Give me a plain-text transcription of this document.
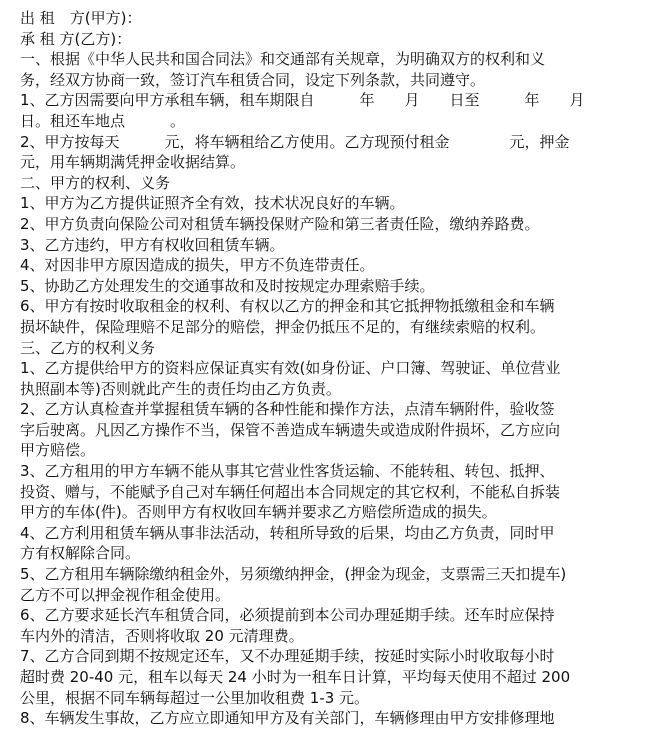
出 租　方(甲方)：
承 租 方(乙方)：
一、根据《中华人民共和国合同法》和交通部有关规章，为明确双方的权利和义
务，经双方协商一致，签订汽车租赁合同，设定下列条款，共同遵守。
1、乙方因需要向甲方承租车辆，租车期限自　　　年　　月　　日至　　　年　　月
日。租还车地点　　　。
2、甲方按每天　　　元，将车辆租给乙方使用。乙方现预付租金　　　　元，押金
元，用车辆期满凭押金收据结算。
二、甲方的权利、义务
1、甲方为乙方提供证照齐全有效，技术状况良好的车辆。
2、甲方负责向保险公司对租赁车辆投保财产险和第三者责任险，缴纳养路费。
3、乙方违约，甲方有权收回租赁车辆。
4、对因非甲方原因造成的损失，甲方不负连带责任。
5、协助乙方处理发生的交通事故和及时按规定办理索赔手续。
6、甲方有按时收取租金的权利、有权以乙方的押金和其它抵押物抵缴租金和车辆
损坏缺件，保险理赔不足部分的赔偿，押金仍抵压不足的，有继续索赔的权利。
三、乙方的权利义务
1、乙方提供给甲方的资料应保证真实有效(如身份证、户口簿、驾驶证、单位营业
执照副本等)否则就此产生的责任均由乙方负责。
2、乙方认真检查并掌握租赁车辆的各种性能和操作方法，点清车辆附件，验收签
字后驶离。凡因乙方操作不当，保管不善造成车辆遗失或造成附件损坏，乙方应向
甲方赔偿。
3、乙方租用的甲方车辆不能从事其它营业性客货运输、不能转租、转包、抵押、
投资、赠与，不能赋予自己对车辆任何超出本合同规定的其它权利，不能私自拆装
甲方的车体(件)。否则甲方有权收回车辆并要求乙方赔偿所造成的损失。
4、乙方利用租赁车辆从事非法活动，转租所导致的后果，均由乙方负责，同时甲
方有权解除合同。
5、乙方租用车辆除缴纳租金外，另须缴纳押金，(押金为现金，支票需三天扣提车)
乙方不可以押金视作租金使用。
6、乙方要求延长汽车租赁合同，必须提前到本公司办理延期手续。还车时应保持
车内外的清洁，否则将收取 20 元清理费。
7、乙方合同到期不按规定还车，又不办理延期手续，按延时实际小时收取每小时
超时费 20-40 元，租车以每天 24 小时为一租车日计算，平均每天使用不超过 200
公里，根据不同车辆每超过一公里加收租费 1-3 元。
8、车辆发生事故，乙方应立即通知甲方及有关部门，车辆修理由甲方安排修理地
